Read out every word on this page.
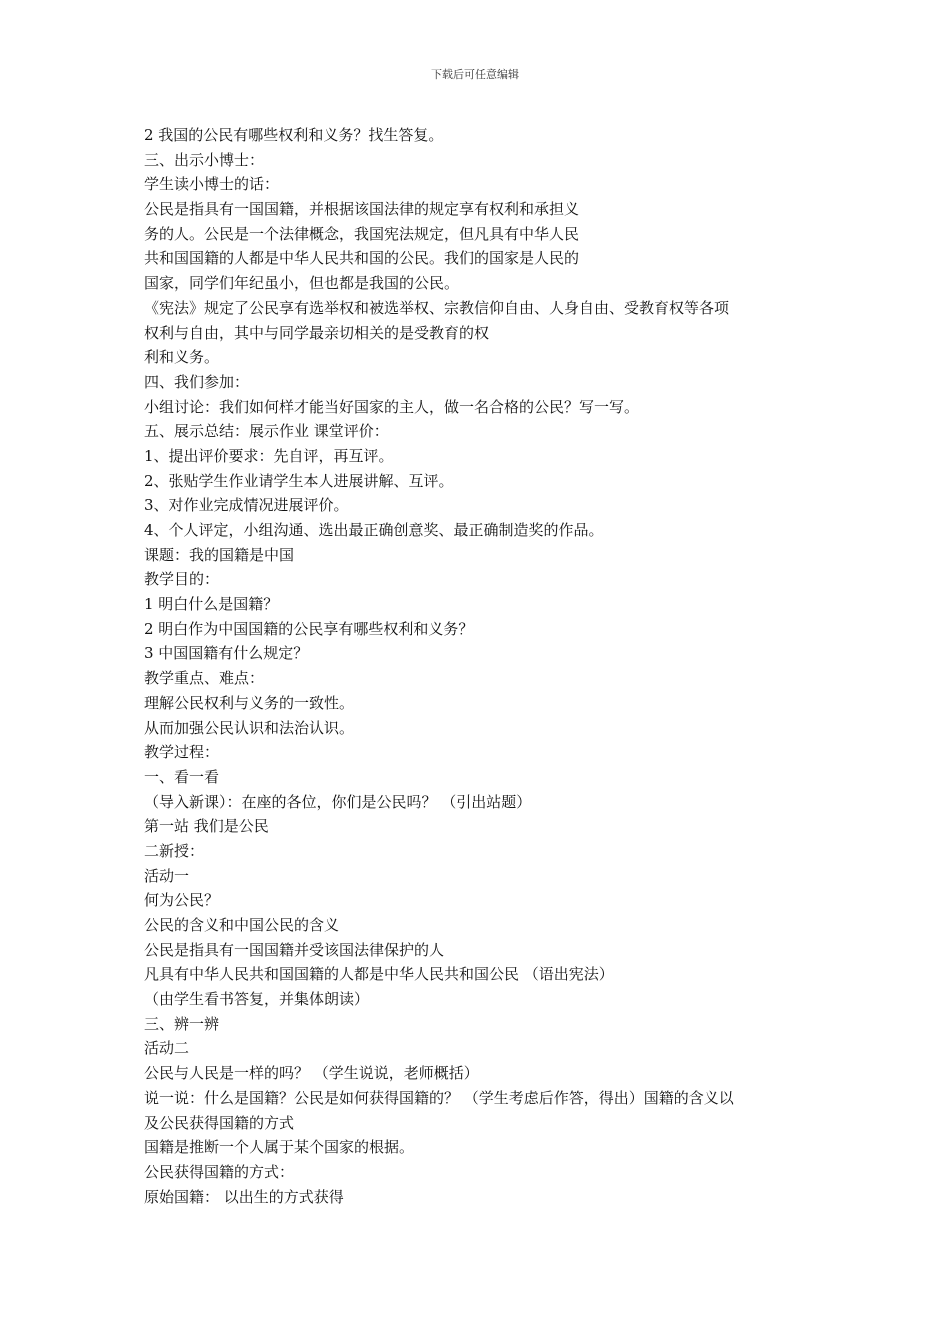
下载后可任意编辑
2 我国的公民有哪些权利和义务？找生答复。
三、出示小博士：
学生读小博士的话：
公民是指具有一国国籍，并根据该国法律的规定享有权利和承担义
务的人。公民是一个法律概念，我国宪法规定，但凡具有中华人民
共和国国籍的人都是中华人民共和国的公民。我们的国家是人民的
国家，同学们年纪虽小，但也都是我国的公民。
《宪法》规定了公民享有选举权和被选举权、宗教信仰自由、人身自由、受教育权等各项
权利与自由，其中与同学最亲切相关的是受教育的权
利和义务。
四、我们参加：
小组讨论：我们如何样才能当好国家的主人，做一名合格的公民？写一写。
五、展示总结：展示作业 课堂评价：
1、提出评价要求：先自评，再互评。
2、张贴学生作业请学生本人进展讲解、互评。
3、对作业完成情况进展评价。
4、个人评定，小组沟通、选出最正确创意奖、最正确制造奖的作品。
课题：我的国籍是中国
教学目的：
1 明白什么是国籍？
2 明白作为中国国籍的公民享有哪些权利和义务？
3 中国国籍有什么规定？
教学重点、难点：
理解公民权利与义务的一致性。
从而加强公民认识和法治认识。
教学过程：
一、看一看
（导入新课）：在座的各位，你们是公民吗？ （引出站题）
第一站 我们是公民
二新授：
活动一
何为公民？
公民的含义和中国公民的含义
公民是指具有一国国籍并受该国法律保护的人
凡具有中华人民共和国国籍的人都是中华人民共和国公民 （语出宪法）
（由学生看书答复，并集体朗读）
三、辨一辨
活动二
公民与人民是一样的吗？ （学生说说，老师概括）
说一说：什么是国籍？公民是如何获得国籍的？ （学生考虑后作答，得出）国籍的含义以
及公民获得国籍的方式
国籍是推断一个人属于某个国家的根据。
公民获得国籍的方式：
原始国籍： 以出生的方式获得
